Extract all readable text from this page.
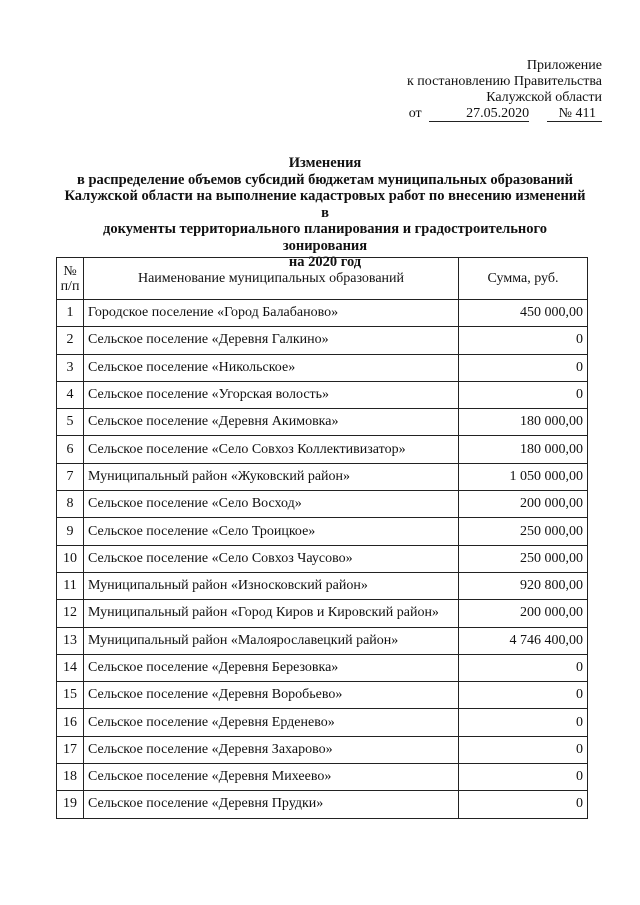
Приложение
к постановлению Правительства
Калужской области
от	27.05.2020 № 411
Изменения
в распределение объемов субсидий бюджетам муниципальных образований
Калужской области на выполнение кадастровых работ по внесению изменений в
документы территориального планирования и градостроительного зонирования
на 2020 год
№
п/п	Наименование муниципальных образований	Сумма, руб.
1	Городское поселение «Город Балабаново»	450 000,00
2	Сельское поселение «Деревня Галкино»	0
3	Сельское поселение «Никольское»	0
4	Сельское поселение «Угорская волость»	0
5	Сельское поселение «Деревня Акимовка»	180 000,00
6	Сельское поселение «Село Совхоз Коллективизатор»	180 000,00
7	Муниципальный район «Жуковский район»	1 050 000,00
8	Сельское поселение «Село Восход»	200 000,00
9	Сельское поселение «Село Троицкое»	250 000,00
10	Сельское поселение «Село Совхоз Чаусово»	250 000,00
11	Муниципальный район «Износковский район»	920 800,00
12	Муниципальный район «Город Киров и Кировский район»	200 000,00
13	Муниципальный район «Малоярославецкий район»	4 746 400,00
14	Сельское поселение «Деревня Березовка»	0
15	Сельское поселение «Деревня Воробьево»	0
16	Сельское поселение «Деревня Ерденево»	0
17	Сельское поселение «Деревня Захарово»	0
18	Сельское поселение «Деревня Михеево»	0
19	Сельское поселение «Деревня Прудки»	0
